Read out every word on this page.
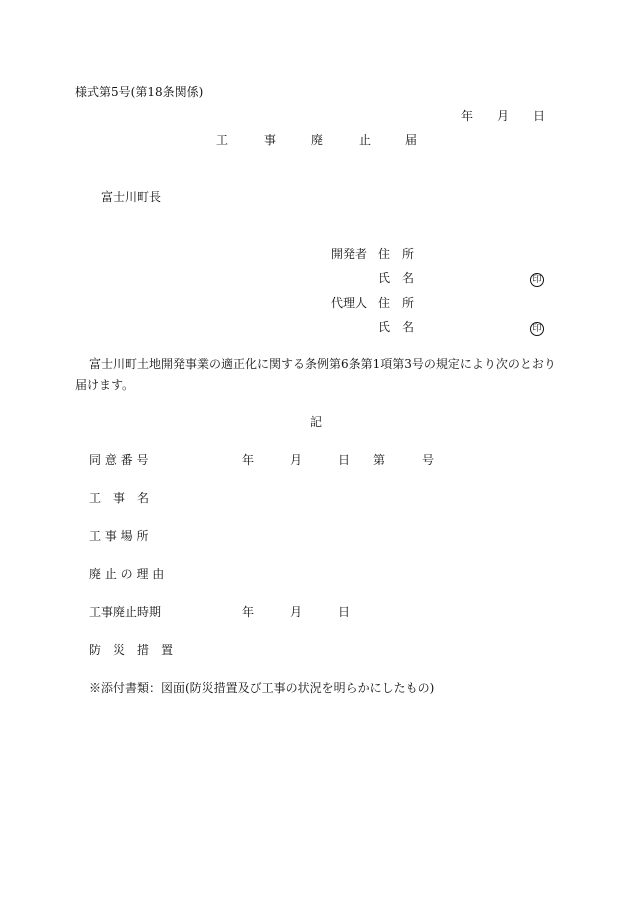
様式第5号(第18条関係)
年 月 日
工	事	廃	止	届
富士川町長
開発者 住　所
氏　名	印
代理人 住　所
氏　名	印
富士川町土地開発事業の適正化に関する条例第6条第1項第3号の規定により次のとおり届けます。
記
同 意 番 号	年	月	日 第	号
工　事　名
工 事 場 所
廃 止 の 理 由
工事廃止時期	年	月	日
防　災　措　置
※添付書類：図面(防災措置及び工事の状況を明らかにしたもの)
